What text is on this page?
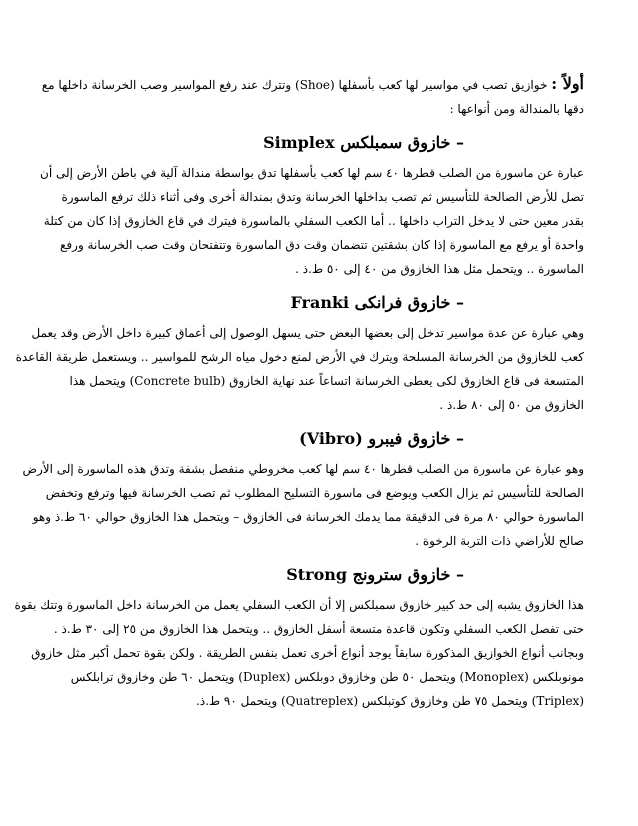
أولاً : خوازيق تصب في مواسير لها كعب بأسفلها (Shoe) وتترك عند رفع المواسير وصب الخرسانة داخلها مع

دقها بالمندالة ومن أنواعها :

– خازوق سمبلكس Simplex

عبارة عن ماسورة من الصلب قطرها ٤٠ سم لها كعب بأسفلها تدق بواسطة مندالة آلية في باطن الأرض إلى أن

تصل للأرض الصالحة للتأسيس ثم تصب بداخلها الخرسانة وتدق بمندالة أخرى وفى أثناء ذلك ترفع الماسورة

بقدر معين حتى لا يدخل التراب داخلها .. أما الكعب السفلي بالماسورة فيترك في قاع الخازوق إذا كان من كتلة

واحدة أو يرفع مع الماسورة إذا كان بشقتين تتضمان وقت دق الماسورة وتتفتحان وقت صب الخرسانة ورفع

الماسورة .. ويتحمل مثل هذا الخازوق من ٤٠ إلى ٥٠ ط.ذ .

– خازوق فرانكى Franki

وهي عبارة عن عدة مواسير تدخل إلى بعضها البعض حتى يسهل الوصول إلى أعماق كبيرة داخل الأرض وقد يعمل

كعب للخازوق من الخرسانة المسلحة ويترك في الأرض لمنع دخول مياه الرشح للمواسير .. ويستعمل طريقة القاعدة

المتسعة فى قاع الخازوق لكى يعطى الخرسانة اتساعاً عند نهاية الخازوق (Concrete bulb) ويتحمل هذا

الخازوق من ٥٠ إلى ٨٠ ط.ذ .

– خازوق فيبرو (Vibro)

وهو عبارة عن ماسورة من الصلب قطرها ٤٠ سم لها كعب مخروطي منفصل بشفة وتدق هذه الماسورة إلى الأرض

الصالحة للتأسيس ثم يزال الكعب ويوضع فى ماسورة التسليح المطلوب ثم تصب الخرسانة فيها وترفع وتخفض

الماسورة حوالي ٨٠ مرة فى الدقيقة مما يدمك الخرسانة فى الخازوق – ويتحمل هذا الخازوق حوالي ٦٠ ط.ذ وهو

صالح للأراضي ذات التربة الرخوة .

– خازوق سترونج Strong

هذا الخازوق يشبه إلى حد كبير خازوق سمبلكس إلا أن الكعب السفلي يعمل من الخرسانة داخل الماسورة وتتك بقوة

حتى تفصل الكعب السفلي وتكون قاعدة متسعة أسفل الخازوق .. ويتحمل هذا الخازوق من ٢٥ إلى ٣٠ ط.ذ .

وبجانب أنواع الخوازيق المذكورة سابقاً يوجد أنواع أخرى تعمل بنفس الطريقة . ولكن بقوة تحمل أكبر مثل خازوق

مونوبلكس (Monoplex) ويتحمل ٥٠ طن وخازوق دوبلكس (Duplex) ويتحمل ٦٠ طن وخازوق ترابلكس

(Triplex) ويتحمل ٧٥ طن وخازوق كوتبلكس (Quatreplex) ويتحمل ٩٠ ط.ذ.
